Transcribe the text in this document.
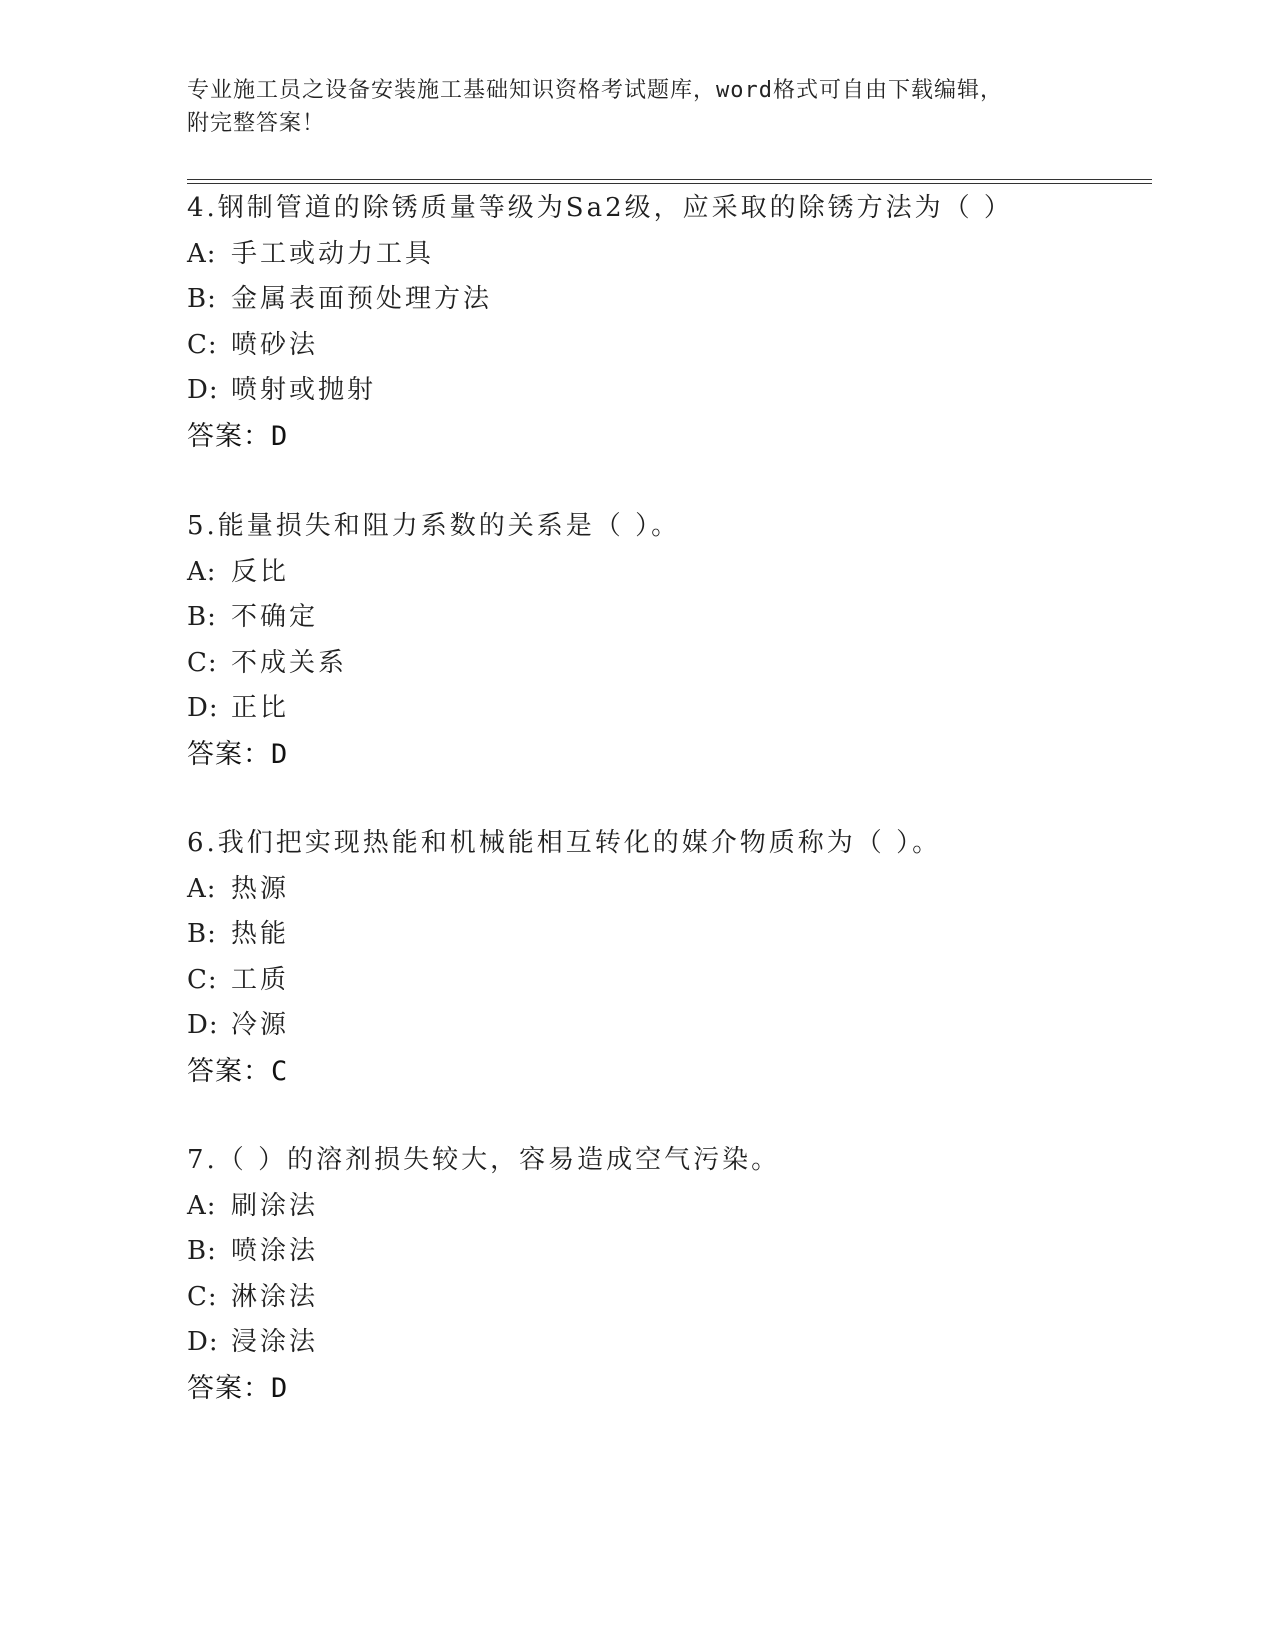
专业施工员之设备安装施工基础知识资格考试题库，word格式可自由下载编辑，
附完整答案！
4.钢制管道的除锈质量等级为Sa2级，应采取的除锈方法为（ ）
A: 手工或动力工具
B: 金属表面预处理方法
C: 喷砂法
D: 喷射或抛射
答案：D
5.能量损失和阻力系数的关系是（ ）。
A: 反比
B: 不确定
C: 不成关系
D: 正比
答案：D
6.我们把实现热能和机械能相互转化的媒介物质称为（ ）。
A: 热源
B: 热能
C: 工质
D: 冷源
答案：C
7.（ ）的溶剂损失较大，容易造成空气污染。
A: 刷涂法
B: 喷涂法
C: 淋涂法
D: 浸涂法
答案：D
